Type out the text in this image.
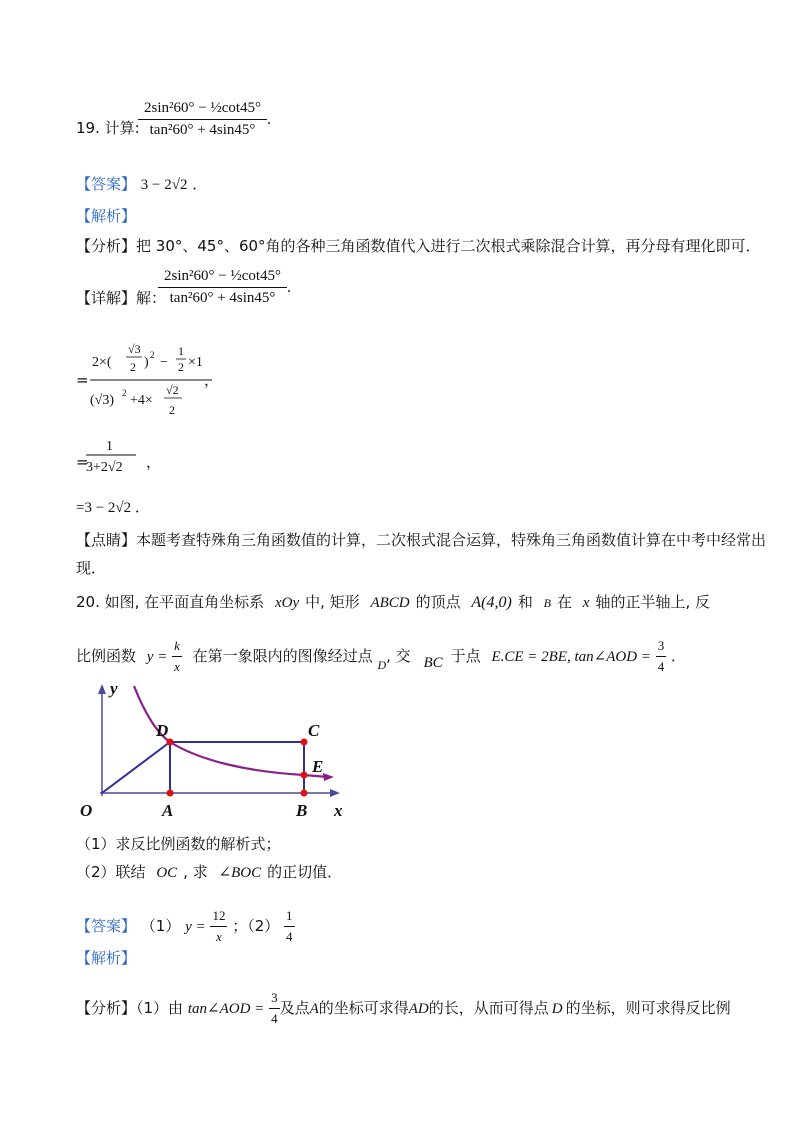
19. 计算:
$\frac{\text{2sin²60° − ½cot45°}}{\text{tan²60° + 4sin45°}}$ .
【答案】 3 − 2√2 ．
【解析】
【分析】把 30°、45°、60°角的各种三角函数值代入进行二次根式乘除混合计算，再分母有理化即可．
【详解】解：
$\frac{\text{2sin²60° − ½cot45°}}{\text{tan²60° + 4sin45°}}$ .
=
2×(
√3
2 ) 2 −
1
2 ×1
(√3) 2 +4×
√2
2
，
=
1
3+2√2 ，
=3 − 2√2 ．
【点睛】本题考查特殊角三角函数值的计算，二次根式混合运算，特殊角三角函数值计算在中考中经常出
现．
20. 如图, 在平面直角坐标系 xOy 中, 矩形 ABCD 的顶点 A(4,0) 和 B 在 x 轴的正半轴上, 反
比例函数 $y = \frac{k}{x}$ 在第一象限内的图像经过点 $_D$, 交 BC 于点 E.CE = 2BE, tan∠AOD = $\frac{3}{4}$ ．
y
D	C
E
O	A	B x
（1）求反比例函数的解析式；
（2）联结 OC , 求 ∠BOC 的正切值．
【答案】 （1） $y = \frac{12}{x}$ ；$(2) \frac{1}{4}$
【解析】
【分析】（1）由 tan∠AOD = $\frac{3}{4}$ 及点A的坐标可求得AD的长，从而可得点 D 的坐标，则可求得反比例
